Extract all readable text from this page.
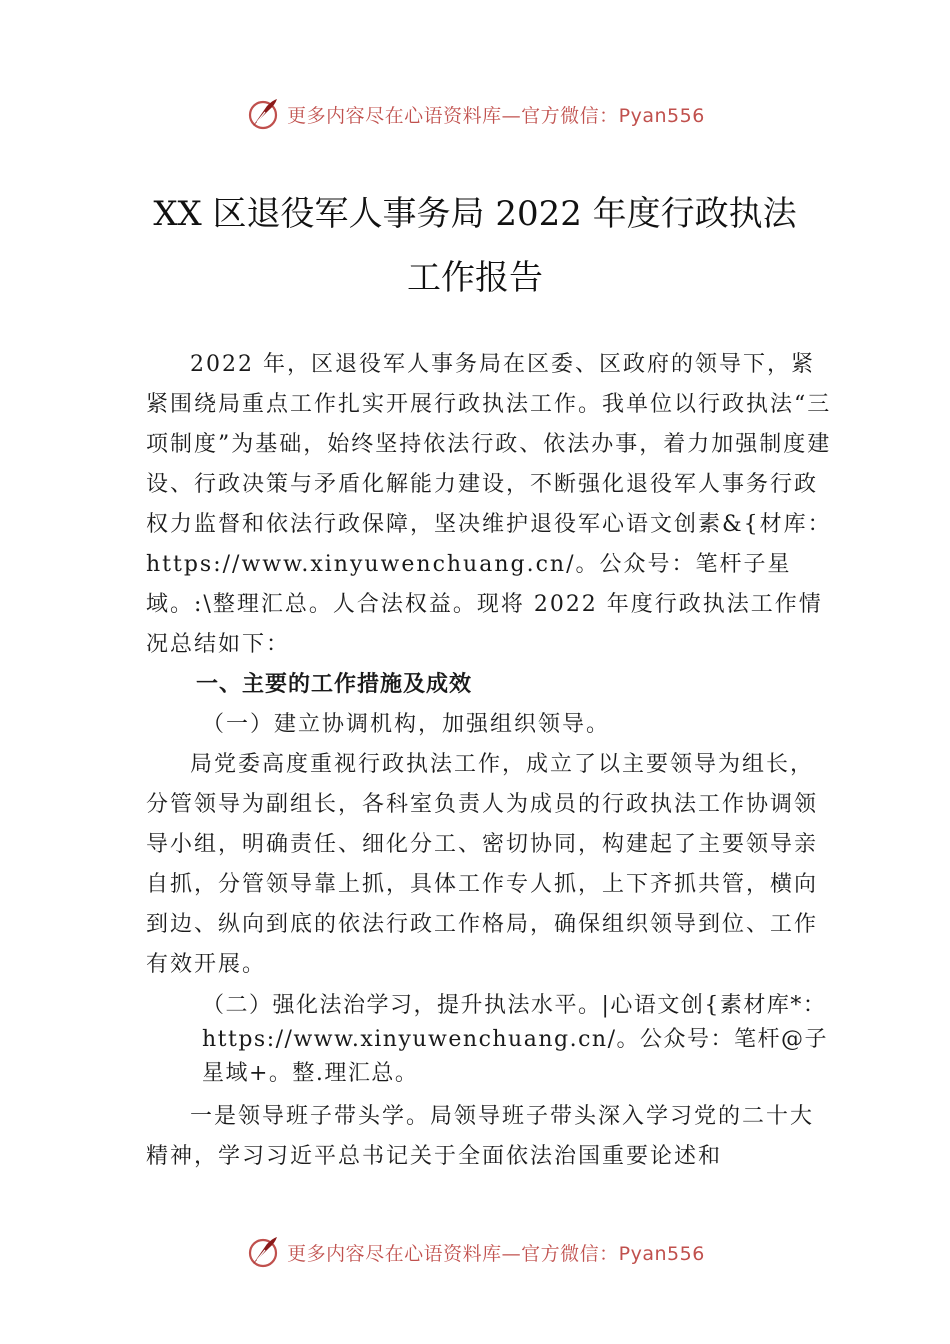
更多内容尽在心语资料库—官方微信：Pyan556
XX 区退役军人事务局 2022 年度行政执法
工作报告

2022 年，区退役军人事务局在区委、区政府的领导下，紧紧围绕局重点工作扎实开展行政执法工作。我单位以行政执法“三项制度”为基础，始终坚持依法行政、依法办事，着力加强制度建设、行政决策与矛盾化解能力建设，不断强化退役军人事务行政权力监督和依法行政保障，坚决维护退役军心语文创素&{材库：https://www.xinyuwenchuang.cn/。公众号：笔杆子星域。:\整理汇总。人合法权益。现将 2022 年度行政执法工作情况总结如下：

一、主要的工作措施及成效

（一）建立协调机构，加强组织领导。

局党委高度重视行政执法工作，成立了以主要领导为组长，分管领导为副组长，各科室负责人为成员的行政执法工作协调领导小组，明确责任、细化分工、密切协同，构建起了主要领导亲自抓，分管领导靠上抓，具体工作专人抓，上下齐抓共管，横向到边、纵向到底的依法行政工作格局，确保组织领导到位、工作有效开展。

（二）强化法治学习，提升执法水平。|心语文创{素材库*：https://www.xinyuwenchuang.cn/。公众号：笔杆@子星域+。整.理汇总。

一是领导班子带头学。局领导班子带头深入学习党的二十大精神，学习习近平总书记关于全面依法治国重要论述和

更多内容尽在心语资料库—官方微信：Pyan556
